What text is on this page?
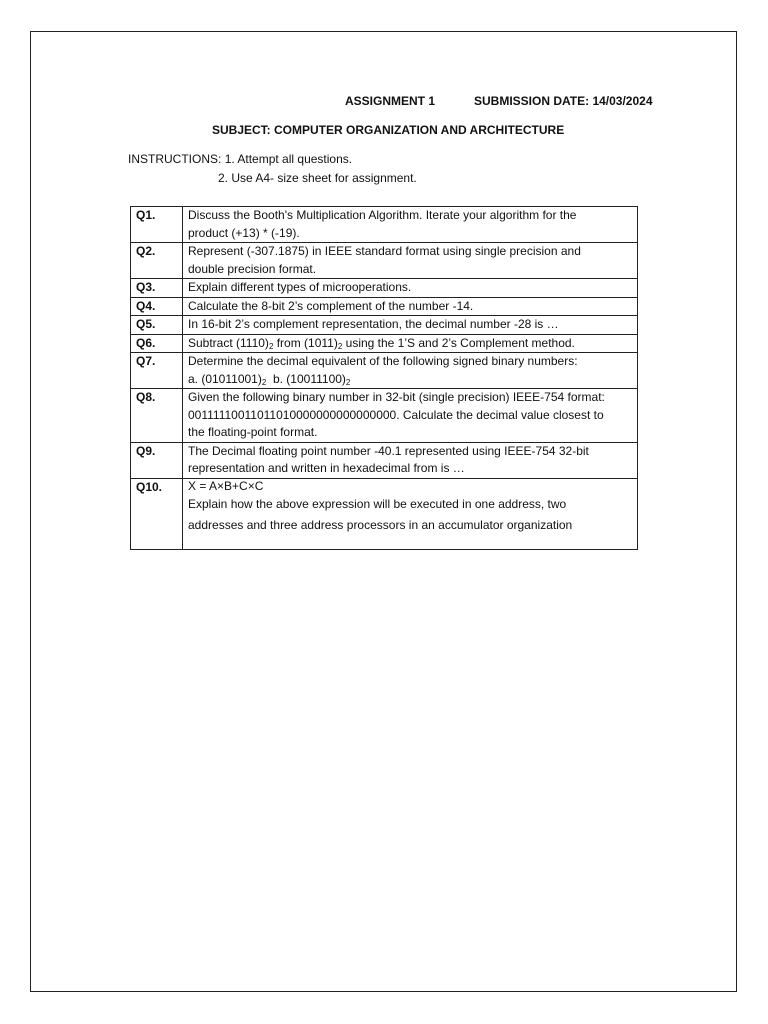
ASSIGNMENT 1	SUBMISSION DATE: 14/03/2024
SUBJECT: COMPUTER ORGANIZATION AND ARCHITECTURE
INSTRUCTIONS: 1. Attempt all questions.
2. Use A4- size sheet for assignment.
Q1.	Discuss the Booth's Multiplication Algorithm. Iterate your algorithm for the
product (+13) * (-19).

Q2.	Represent (-307.1875) in IEEE standard format using single precision and
double precision format.

Q3.	Explain different types of microoperations.

Q4.	Calculate the 8-bit 2’s complement of the number -14.

Q5.	In 16-bit 2’s complement representation, the decimal number -28 is …

Q6.	Subtract $(1110)_2$ from $(1011)_2$ using the 1’S and 2’s Complement method.

Q7.	Determine the decimal equivalent of the following signed binary numbers:
a. $(01011001)_2$  b. $(10011100)_2$

Q8.	Given the following binary number in 32-bit (single precision) IEEE-754 format:
00111110011011010000000000000000. Calculate the decimal value closest to
the floating-point format.

Q9.	The Decimal floating point number -40.1 represented using IEEE-754 32-bit
representation and written in hexadecimal from is …

Q10.	X = A×B+C×C
Explain how the above expression will be executed in one address, two
addresses and three address processors in an accumulator organization
